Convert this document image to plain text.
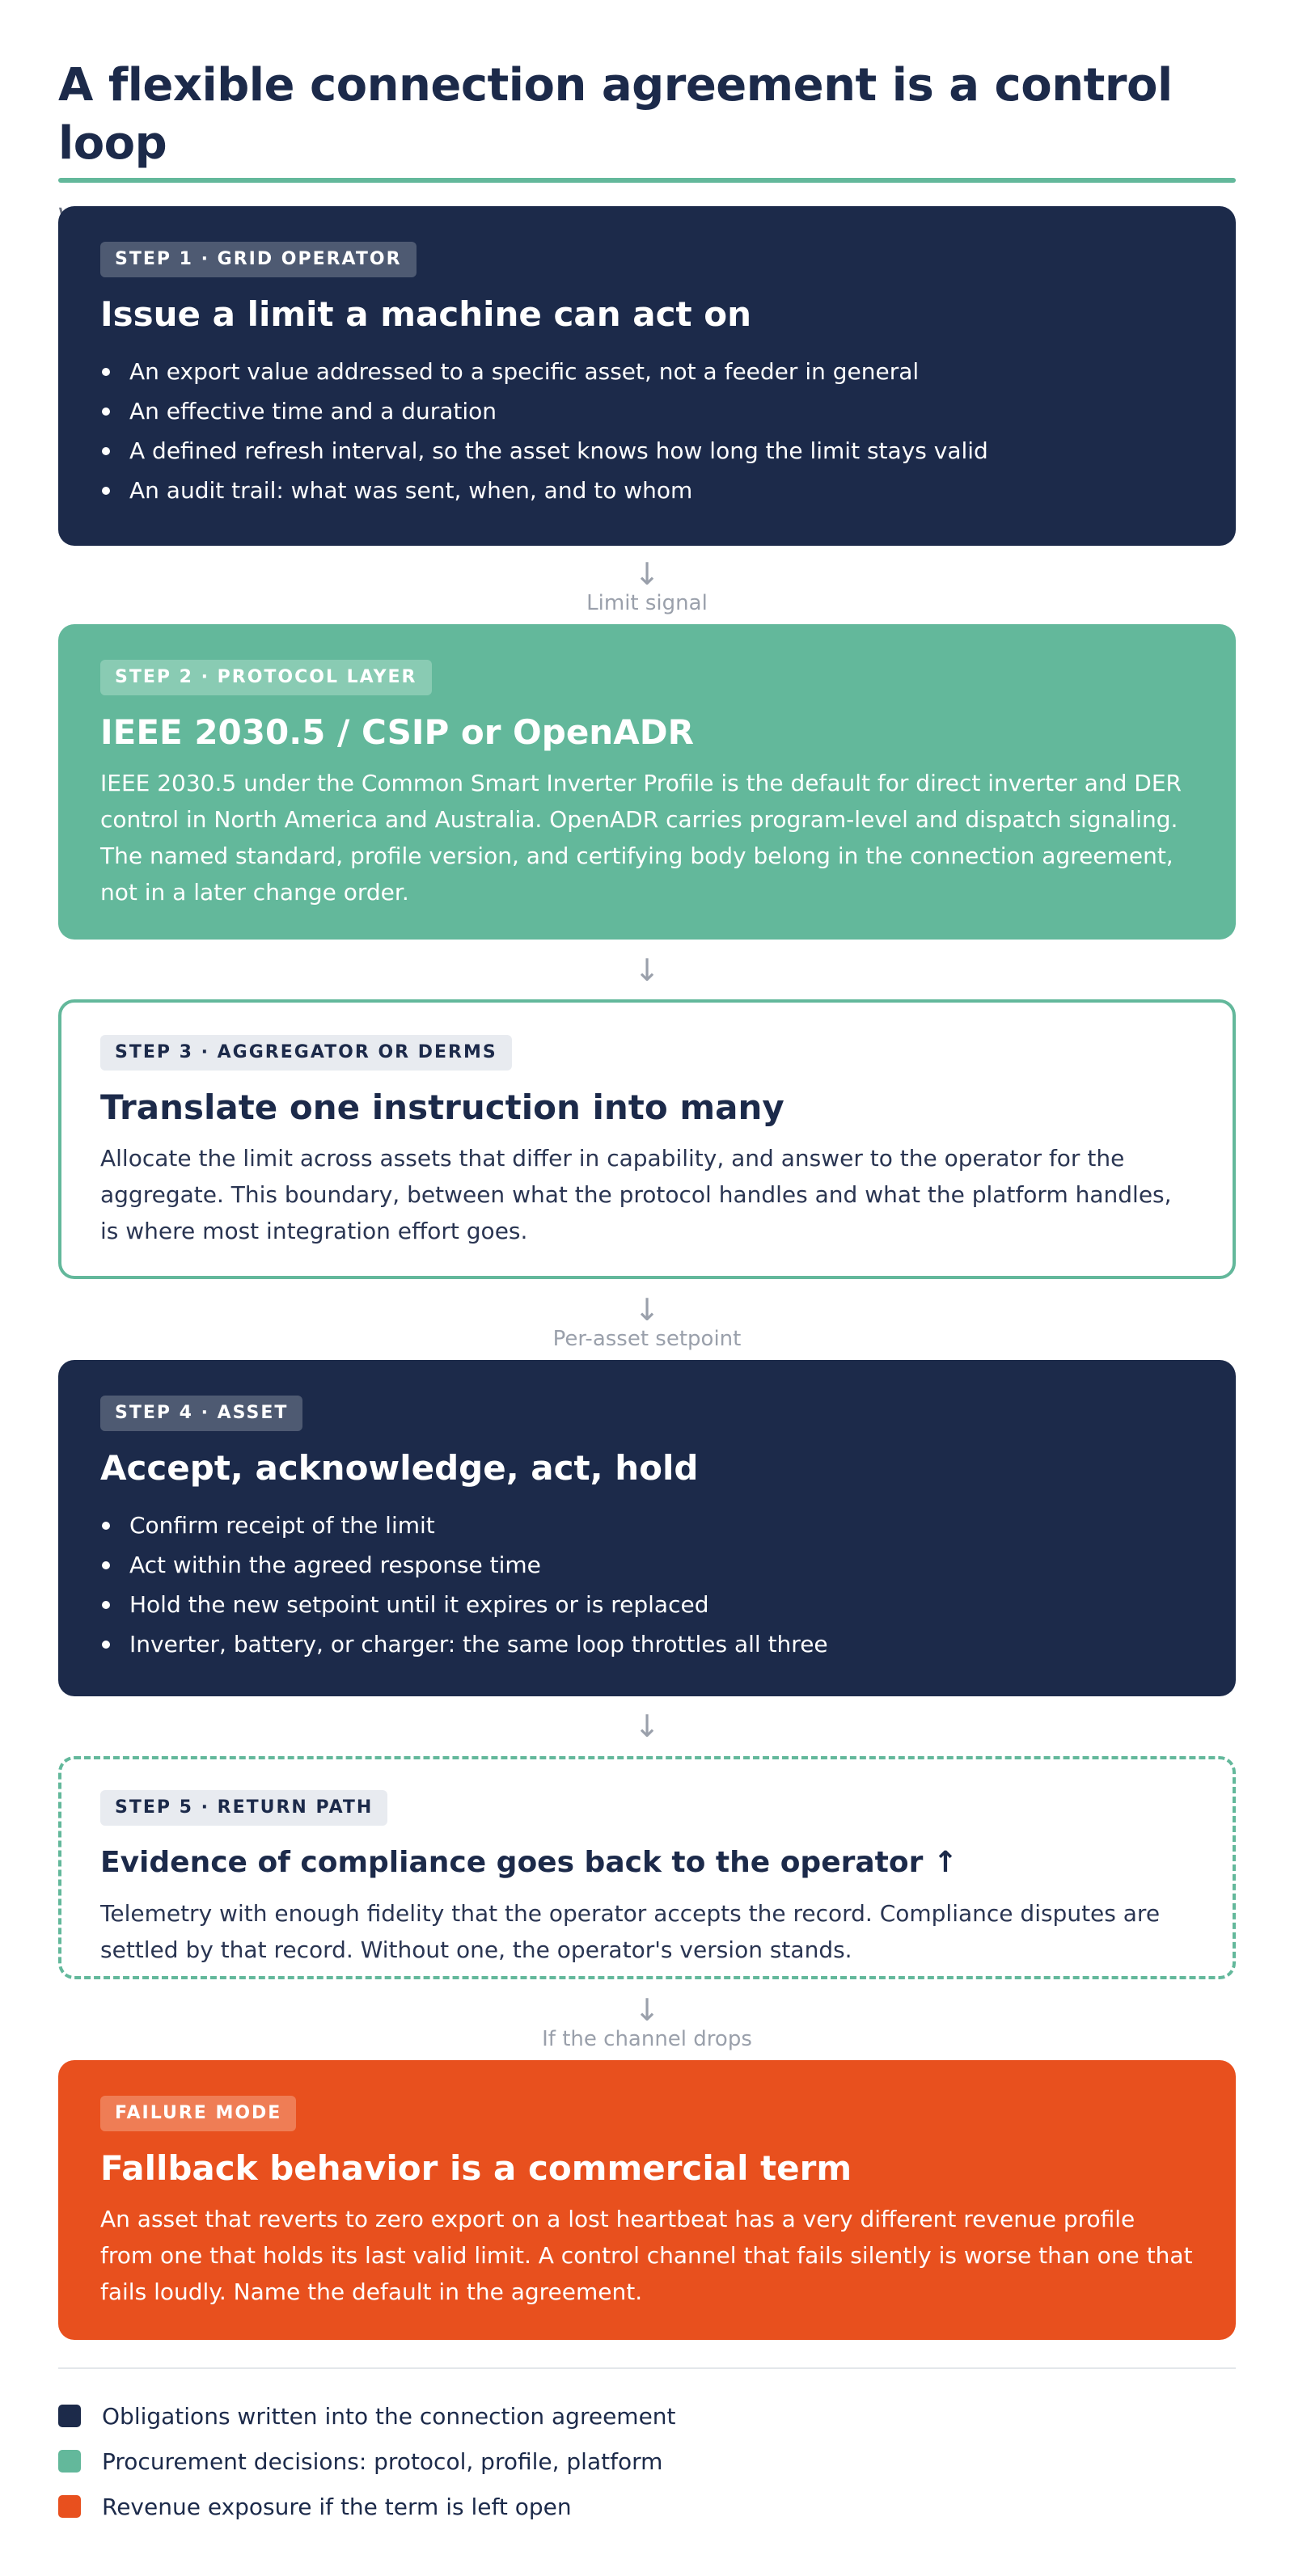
A flexible connection agreement is a control loop
STEP 1 · GRID OPERATOR
Issue a limit a machine can act on
An export value addressed to a specific asset, not a feeder in general
An effective time and a duration
A defined refresh interval, so the asset knows how long the limit stays valid
An audit trail: what was sent, when, and to whom
↓
Limit signal
STEP 2 · PROTOCOL LAYER
IEEE 2030.5 / CSIP or OpenADR
IEEE 2030.5 under the Common Smart Inverter Profile is the default for direct inverter and DER control in North America and Australia. OpenADR carries program-level and dispatch signaling. The named standard, profile version, and certifying body belong in the connection agreement, not in a later change order.
↓
STEP 3 · AGGREGATOR OR DERMS
Translate one instruction into many
Allocate the limit across assets that differ in capability, and answer to the operator for the aggregate. This boundary, between what the protocol handles and what the platform handles, is where most integration effort goes.
↓
Per-asset setpoint
STEP 4 · ASSET
Accept, acknowledge, act, hold
Confirm receipt of the limit
Act within the agreed response time
Hold the new setpoint until it expires or is replaced
Inverter, battery, or charger: the same loop throttles all three
↓
STEP 5 · RETURN PATH
Evidence of compliance goes back to the operator ↑
Telemetry with enough fidelity that the operator accepts the record. Compliance disputes are settled by that record. Without one, the operator's version stands.
↓
If the channel drops
FAILURE MODE
Fallback behavior is a commercial term
An asset that reverts to zero export on a lost heartbeat has a very different revenue profile from one that holds its last valid limit. A control channel that fails silently is worse than one that fails loudly. Name the default in the agreement.
Obligations written into the connection agreement
Procurement decisions: protocol, profile, platform
Revenue exposure if the term is left open
